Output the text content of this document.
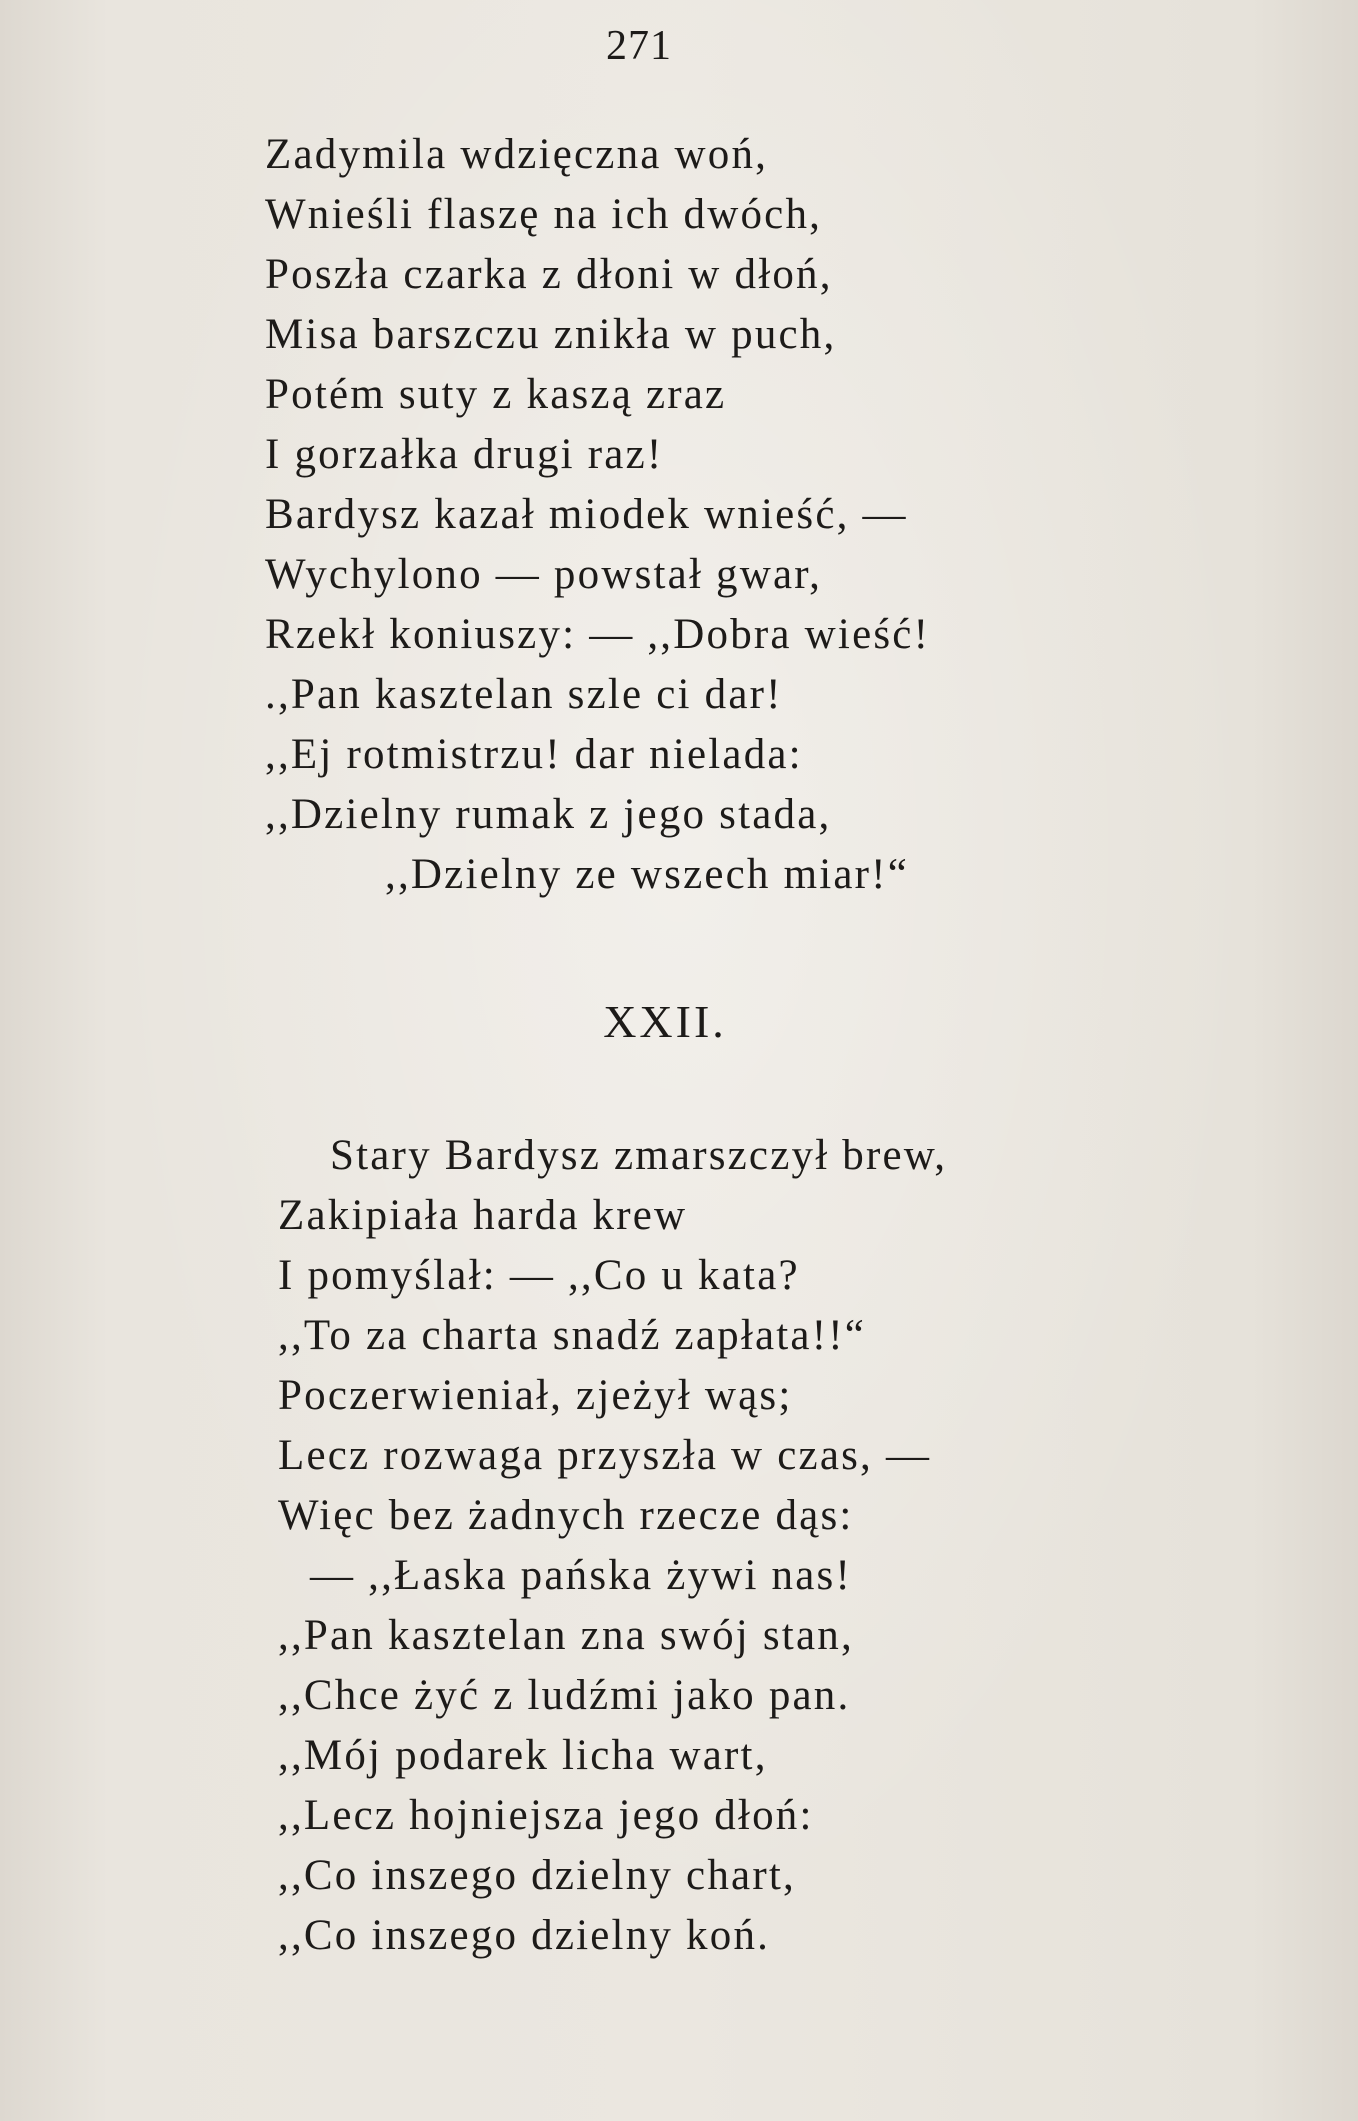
271
Zadymila wdzięczna woń,
Wnieśli flaszę na ich dwóch,
Poszła czarka z dłoni w dłoń,
Misa barszczu znikła w puch,
Potém suty z kaszą zraz
I gorzałka drugi raz!
Bardysz kazał miodek wnieść, —
Wychylono — powstał gwar,
Rzekł koniuszy: — ,,Dobra wieść!
.,Pan kasztelan szle ci dar!
,,Ej rotmistrzu! dar nielada:
,,Dzielny rumak z jego stada,
,,Dzielny ze wszech miar!“
XXII.
Stary Bardysz zmarszczył brew,
Zakipiała harda krew
I pomyślał: — ,,Co u kata?
,,To za charta snadź zapłata!!“
Poczerwieniał, zjeżył wąs;
Lecz rozwaga przyszła w czas, —
Więc bez żadnych rzecze dąs:
— ,,Łaska pańska żywi nas!
,,Pan kasztelan zna swój stan,
,,Chce żyć z ludźmi jako pan.
,,Mój podarek licha wart,
,,Lecz hojniejsza jego dłoń:
,,Co inszego dzielny chart,
,,Co inszego dzielny koń.
